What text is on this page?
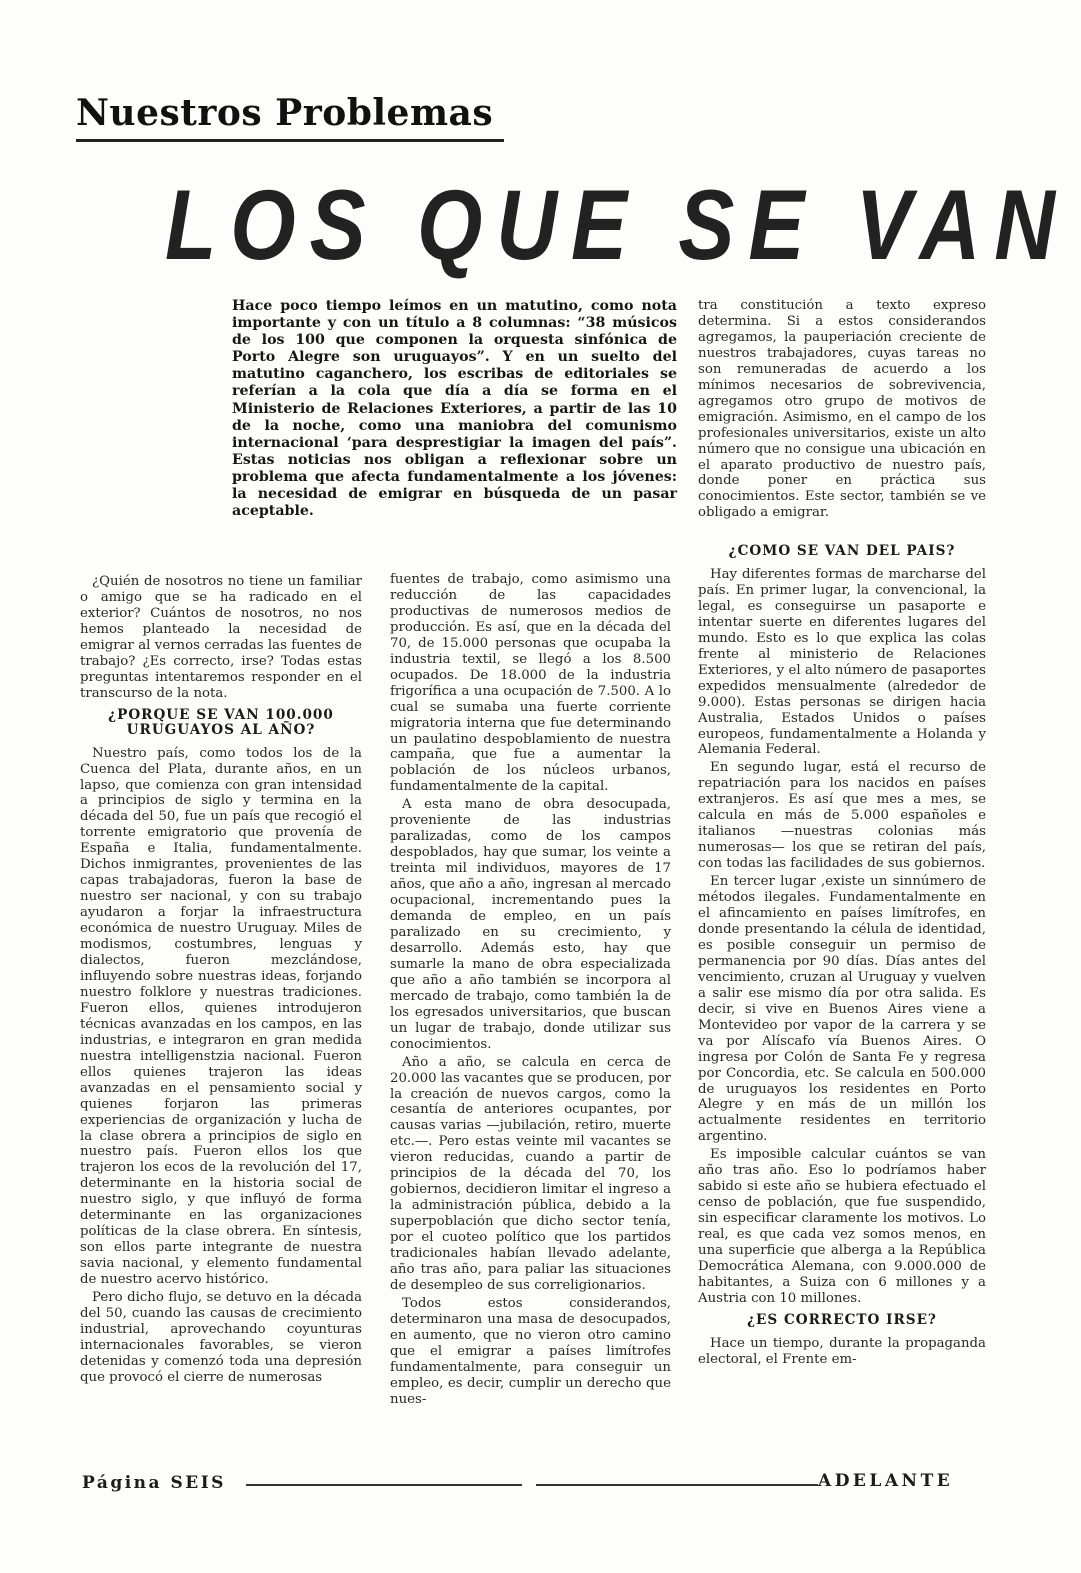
Nuestros Problemas
LOS QUE SE VAN

Hace poco tiempo leímos en un matutino, como nota importante y con un título a 8 columnas: “38 músicos de los 100 que componen la orquesta sinfónica de Porto Alegre son uruguayos”. Y en un suelto del matutino caganchero, los escribas de editoriales se referían a la cola que día a día se forma en el Ministerio de Relaciones Exteriores, a partir de las 10 de la noche, como una maniobra del comunismo internacional ‘para desprestigiar la imagen del país”. Estas noticias nos obligan a reflexionar sobre un problema que afecta fundamentalmente a los jóvenes: la necesidad de emigrar en búsqueda de un pasar aceptable.

¿Quién de nosotros no tiene un familiar o amigo que se ha radicado en el exterior? Cuántos de nosotros, no nos hemos planteado la necesidad de emigrar al vernos cerradas las fuentes de trabajo? ¿Es correcto, irse? Todas estas preguntas intentaremos responder en el transcurso de la nota.

¿PORQUE SE VAN 100.000 URUGUAYOS AL AÑO?

Nuestro país, como todos los de la Cuenca del Plata, durante años, en un lapso, que comienza con gran intensidad a principios de siglo y termina en la década del 50, fue un país que recogió el torrente emigratorio que provenía de España e Italia, fundamentalmente. Dichos inmigrantes, provenientes de las capas trabajadoras, fueron la base de nuestro ser nacional, y con su trabajo ayudaron a forjar la infraestructura económica de nuestro Uruguay. Miles de modismos, costumbres, lenguas y dialectos, fueron mezclándose, influyendo sobre nuestras ideas, forjando nuestro folklore y nuestras tradiciones. Fueron ellos, quienes introdujeron técnicas avanzadas en los campos, en las industrias, e integraron en gran medida nuestra intelligenstzia nacional. Fueron ellos quienes trajeron las ideas avanzadas en el pensamiento social y quienes forjaron las primeras experiencias de organización y lucha de la clase obrera a principios de siglo en nuestro país. Fueron ellos los que trajeron los ecos de la revolución del 17, determinante en la historia social de nuestro siglo, y que influyó de forma determinante en las organizaciones políticas de la clase obrera. En síntesis, son ellos parte integrante de nuestra savia nacional, y elemento fundamental de nuestro acervo histórico.

Pero dicho flujo, se detuvo en la década del 50, cuando las causas de crecimiento industrial, aprovechando coyunturas internacionales favorables, se vieron detenidas y comenzó toda una depresión que provocó el cierre de numerosas

fuentes de trabajo, como asimismo una reducción de las capacidades productivas de numerosos medios de producción. Es así, que en la década del 70, de 15.000 personas que ocupaba la industria textil, se llegó a los 8.500 ocupados. De 18.000 de la industria frigorífica a una ocupación de 7.500. A lo cual se sumaba una fuerte corriente migratoria interna que fue determinando un paulatino despoblamiento de nuestra campaña, que fue a aumentar la población de los núcleos urbanos, fundamentalmente de la capital.

A esta mano de obra desocupada, proveniente de las industrias paralizadas, como de los campos despoblados, hay que sumar, los veinte a treinta mil individuos, mayores de 17 años, que año a año, ingresan al mercado ocupacional, incrementando pues la demanda de empleo, en un país paralizado en su crecimiento, y desarrollo. Además esto, hay que sumarle la mano de obra especializada que año a año también se incorpora al mercado de trabajo, como también la de los egresados universitarios, que buscan un lugar de trabajo, donde utilizar sus conocimientos.

Año a año, se calcula en cerca de 20.000 las vacantes que se producen, por la creación de nuevos cargos, como la cesantía de anteriores ocupantes, por causas varias —jubilación, retiro, muerte etc.—. Pero estas veinte mil vacantes se vieron reducidas, cuando a partir de principios de la década del 70, los gobiernos, decidieron limitar el ingreso a la administración pública, debido a la superpoblación que dicho sector tenía, por el cuoteo político que los partidos tradicionales habían llevado adelante, año tras año, para paliar las situaciones de desempleo de sus correligionarios.

Todos estos considerandos, determinaron una masa de desocupados, en aumento, que no vieron otro camino que el emigrar a países limítrofes fundamentalmente, para conseguir un empleo, es decir, cumplir un derecho que nues-

tra constitución a texto expreso determina. Si a estos considerandos agregamos, la pauperiación creciente de nuestros trabajadores, cuyas tareas no son remuneradas de acuerdo a los mínimos necesarios de sobrevivencia, agregamos otro grupo de motivos de emigración. Asimismo, en el campo de los profesionales universitarios, existe un alto número que no consigue una ubicación en el aparato productivo de nuestro país, donde poner en práctica sus conocimientos. Este sector, también se ve obligado a emigrar.

¿COMO SE VAN DEL PAIS?

Hay diferentes formas de marcharse del país. En primer lugar, la convencional, la legal, es conseguirse un pasaporte e intentar suerte en diferentes lugares del mundo. Esto es lo que explica las colas frente al ministerio de Relaciones Exteriores, y el alto número de pasaportes expedidos mensualmente (alrededor de 9.000). Estas personas se dirigen hacia Australia, Estados Unidos o países europeos, fundamentalmente a Holanda y Alemania Federal.

En segundo lugar, está el recurso de repatriación para los nacidos en países extranjeros. Es así que mes a mes, se calcula en más de 5.000 españoles e italianos —nuestras colonias más numerosas— los que se retiran del país, con todas las facilidades de sus gobiernos.

En tercer lugar ,existe un sinnúmero de métodos ilegales. Fundamentalmente en el afincamiento en países limítrofes, en donde presentando la célula de identidad, es posible conseguir un permiso de permanencia por 90 días. Días antes del vencimiento, cruzan al Uruguay y vuelven a salir ese mismo día por otra salida. Es decir, si vive en Buenos Aires viene a Montevideo por vapor de la carrera y se va por Alíscafo vía Buenos Aires. O ingresa por Colón de Santa Fe y regresa por Concordia, etc. Se calcula en 500.000 de uruguayos los residentes en Porto Alegre y en más de un millón los actualmente residentes en territorio argentino.

Es imposible calcular cuántos se van año tras año. Eso lo podríamos haber sabido si este año se hubiera efectuado el censo de población, que fue suspendido, sin especificar claramente los motivos. Lo real, es que cada vez somos menos, en una superficie que alberga a la República Democrática Alemana, con 9.000.000 de habitantes, a Suiza con 6 millones y a Austria con 10 millones.

¿ES CORRECTO IRSE?

Hace un tiempo, durante la propaganda electoral, el Frente em-

Página SEIS	ADELANTE
